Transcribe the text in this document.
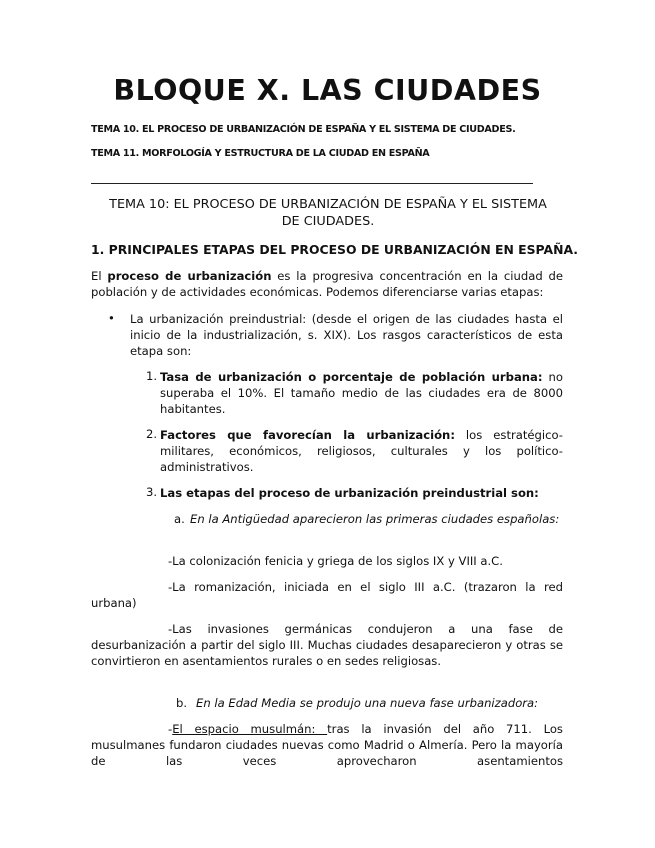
BLOQUE X. LAS CIUDADES
TEMA 10. EL PROCESO DE URBANIZACIÓN DE ESPAÑA Y EL SISTEMA DE CIUDADES.
TEMA 11. MORFOLOGÍA Y ESTRUCTURA DE LA CIUDAD EN ESPAÑA
TEMA 10: EL PROCESO DE URBANIZACIÓN DE ESPAÑA Y EL SISTEMA DE CIUDADES.
1. PRINCIPALES ETAPAS DEL PROCESO DE URBANIZACIÓN EN ESPAÑA.

El proceso de urbanización es la progresiva concentración en la ciudad de población y de actividades económicas. Podemos diferenciarse varias etapas:

• La urbanización preindustrial: (desde el origen de las ciudades hasta el inicio de la industrialización, s. XIX). Los rasgos característicos de esta etapa son:

1. Tasa de urbanización o porcentaje de población urbana: no superaba el 10%. El tamaño medio de las ciudades era de 8000 habitantes.

2. Factores que favorecían la urbanización: los estratégico-militares, económicos, religiosos, culturales y los político-administrativos.

3. Las etapas del proceso de urbanización preindustrial son:

a. En la Antigüedad aparecieron las primeras ciudades españolas:

-La colonización fenicia y griega de los siglos IX y VIII a.C.

-La romanización, iniciada en el siglo III a.C. (trazaron la red urbana)

-Las invasiones germánicas condujeron a una fase de desurbanización a partir del siglo III. Muchas ciudades desaparecieron y otras se convirtieron en asentamientos rurales o en sedes religiosas.

b. En la Edad Media se produjo una nueva fase urbanizadora:

-El espacio musulmán: tras la invasión del año 711. Los musulmanes fundaron ciudades nuevas como Madrid o Almería. Pero la mayoría de las veces aprovecharon asentamientos
